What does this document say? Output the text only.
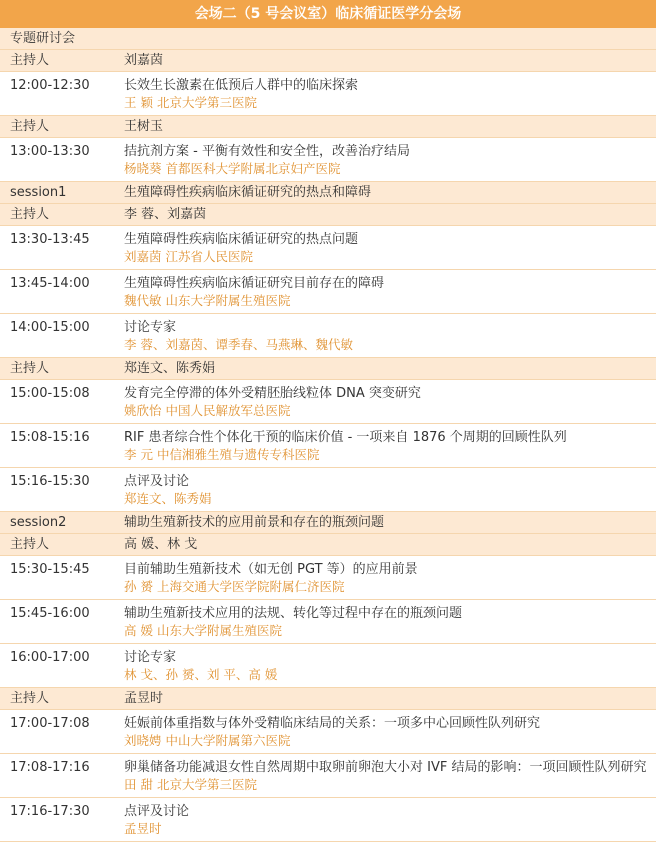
会场二（5 号会议室）临床循证医学分会场
专题研讨会
主持人	刘嘉茵
12:00-12:30	长效生长激素在低预后人群中的临床探索
王 颖 北京大学第三医院
主持人	王树玉
13:00-13:30	拮抗剂方案 - 平衡有效性和安全性，改善治疗结局
杨晓葵 首都医科大学附属北京妇产医院
session1	生殖障碍性疾病临床循证研究的热点和障碍
主持人	李 蓉、刘嘉茵
13:30-13:45	生殖障碍性疾病临床循证研究的热点问题
刘嘉茵 江苏省人民医院
13:45-14:00	生殖障碍性疾病临床循证研究目前存在的障碍
魏代敏 山东大学附属生殖医院
14:00-15:00	讨论专家
李 蓉、刘嘉茵、谭季春、马燕琳、魏代敏
主持人	郑连文、陈秀娟
15:00-15:08	发育完全停滞的体外受精胚胎线粒体 DNA 突变研究
姚欣怡 中国人民解放军总医院
15:08-15:16	RIF 患者综合性个体化干预的临床价值 - 一项来自 1876 个周期的回顾性队列
李 元 中信湘雅生殖与遗传专科医院
15:16-15:30	点评及讨论
郑连文、陈秀娟
session2	辅助生殖新技术的应用前景和存在的瓶颈问题
主持人	高 媛、林 戈
15:30-15:45	目前辅助生殖新技术（如无创 PGT 等）的应用前景
孙 赟 上海交通大学医学院附属仁济医院
15:45-16:00	辅助生殖新技术应用的法规、转化等过程中存在的瓶颈问题
高 媛 山东大学附属生殖医院
16:00-17:00	讨论专家
林 戈、孙 赟、刘 平、高 媛
主持人	孟昱时
17:00-17:08	妊娠前体重指数与体外受精临床结局的关系：一项多中心回顾性队列研究
刘晓娉 中山大学附属第六医院
17:08-17:16	卵巢储备功能减退女性自然周期中取卵前卵泡大小对 IVF 结局的影响：一项回顾性队列研究
田 甜 北京大学第三医院
17:16-17:30	点评及讨论
孟昱时
